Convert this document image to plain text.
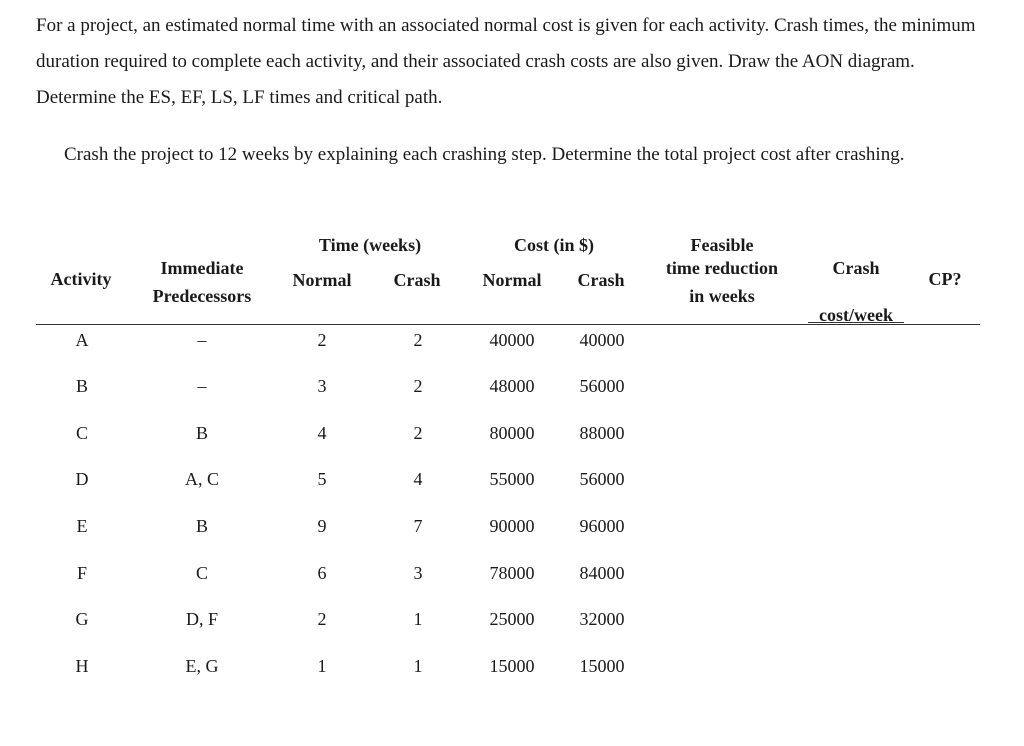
For a project, an estimated normal time with an associated normal cost is given for each activity. Crash times, the minimum duration required to complete each activity, and their associated crash costs are also given. Draw the AON diagram. Determine the ES, EF, LS, LF times and critical path.

Crash the project to 12 weeks by explaining each crashing step. Determine the total project cost after crashing.

Activity
Immediate
Predecessors
Time (weeks)
Normal	Crash
Cost (in $)
Normal	Crash
Feasible
time reduction
in weeks
Crash
cost/week
CP?
A	–	2	2	40000	40000
B	–	3	2	48000	56000
C	B	4	2	80000	88000
D	A, C	5	4	55000	56000
E	B	9	7	90000	96000
F	C	6	3	78000	84000
G	D, F	2	1	25000	32000
H	E, G	1	1	15000	15000
